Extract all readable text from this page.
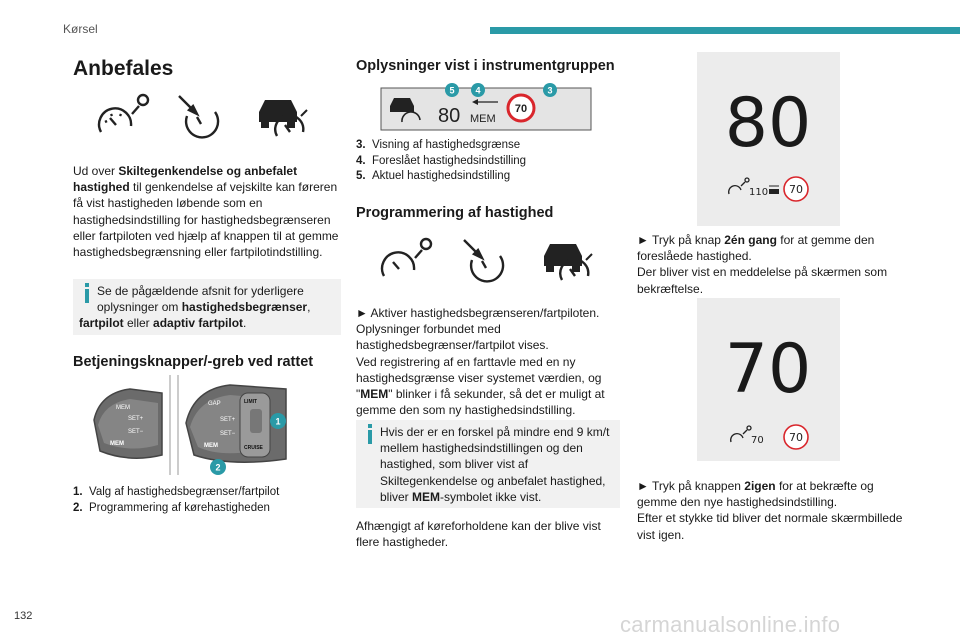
Kørsel
132	carmanualsonline.info
Anbefales

Ud over Skiltegenkendelse og anbefalet hastighed til genkendelse af vejskilte kan føreren få vist hastigheden løbende som en hastighedsindstilling for hastighedsbegrænseren eller fartpiloten ved hjælp af knappen til at gemme hastighedsbegrænsning eller fartpilotindstilling.

Se de pågældende afsnit for yderligere oplysninger om hastighedsbegrænser,
fartpilot eller adaptiv fartpilot.
Betjeningsknapper/-greb ved rattet
MEM
SET+
SET−
MEM
GAP	LIMIT
SET+
SET−
MEM	CRUISE
1
2
1. Valg af hastighedsbegrænser/fartpilot
2. Programmering af kørehastigheden
Oplysninger vist i instrumentgruppen
80 MEM
70
5 4	3
3. Visning af hastighedsgrænse
4. Foreslået hastighedsindstilling
5. Aktuel hastighedsindstilling
Programmering af hastighed

► Aktiver hastighedsbegrænseren/fartpiloten.
Oplysninger forbundet med hastighedsbegrænser/fartpilot vises.
Ved registrering af en farttavle med en ny hastighedsgrænse viser systemet værdien, og "MEM" blinker i få sekunder, så det er muligt at gemme den som ny hastighedsindstilling.

Hvis der er en forskel på mindre end 9 km/t mellem hastighedsindstillingen og den hastighed, som bliver vist af Skiltegenkendelse og anbefalet hastighed, bliver MEM-symbolet ikke vist.

Afhængigt af køreforholdene kan der blive vist flere hastigheder.

80
110 70

► Tryk på knap 2én gang for at gemme den foreslåede hastighed.
Der bliver vist en meddelelse på skærmen som bekræftelse.

70
70 70

► Tryk på knappen 2igen for at bekræfte og gemme den nye hastighedsindstilling.
Efter et stykke tid bliver det normale skærmbillede vist igen.
